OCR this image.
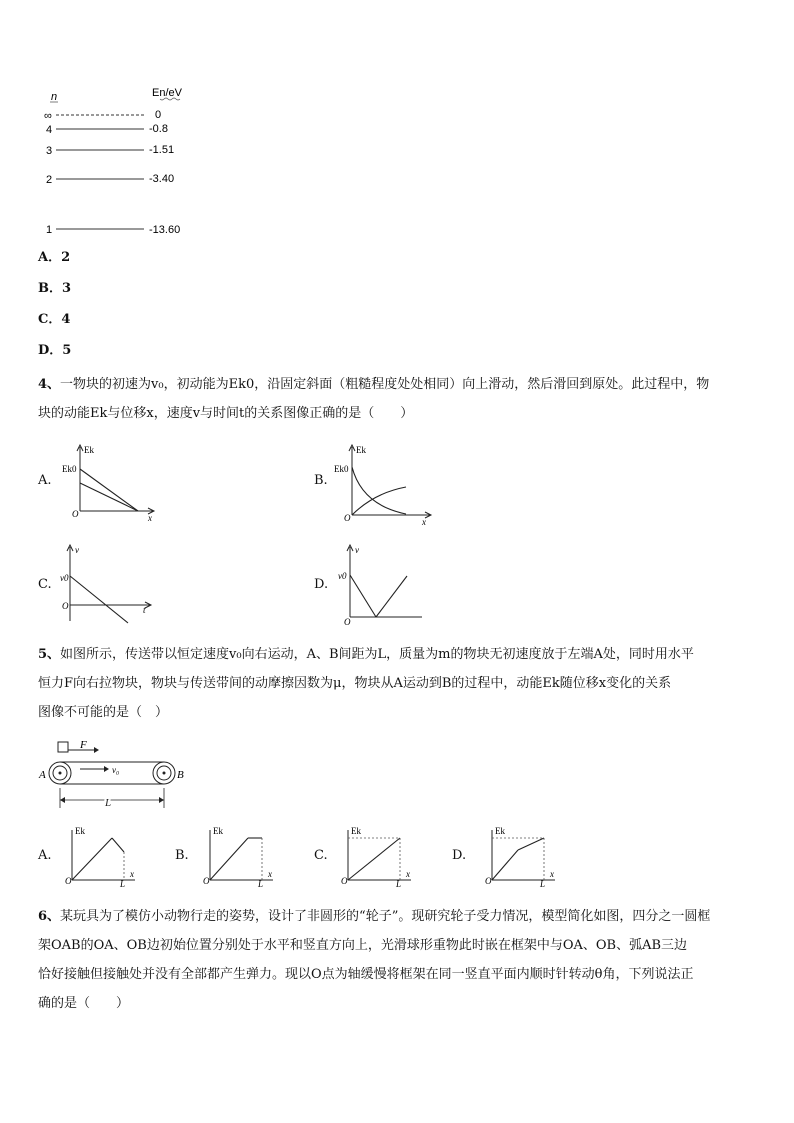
n	En/eV
∞
4
3
2
1
0
-0.8
-1.51
-3.40
-13.60
A．2
B．3
C．4
D．5

4、一物块的初速为v₀，初动能为Ek0，沿固定斜面（粗糙程度处处相同）向上滑动，然后滑回到原处。此过程中，物

块的动能Ek与位移x，速度v与时间t的关系图像正确的是（　　）

A.
Ek
Ek0
O	x
B.
Ek
Ek0
O	x
C.
v
v0
O	t
D.
v
v0
O

5、如图所示，传送带以恒定速度v₀向右运动，A、B间距为L，质量为m的物块无初速度放于左端A处，同时用水平

恒力F向右拉物块，物块与传送带间的动摩擦因数为μ，物块从A运动到B的过程中，动能Ek随位移x变化的关系

图像不可能的是（　）

F
v₀
A	B
L
A.
Ek
O
x
L
B.
Ek
O
x
L
C.
Ek
O
x
L
D.
Ek
O
x
L

6、某玩具为了模仿小动物行走的姿势，设计了非圆形的“轮子”。现研究轮子受力情况，模型简化如图，四分之一圆框

架OAB的OA、OB边初始位置分别处于水平和竖直方向上，光滑球形重物此时嵌在框架中与OA、OB、弧AB三边

恰好接触但接触处并没有全部都产生弹力。现以O点为轴缓慢将框架在同一竖直平面内顺时针转动θ角，下列说法正

确的是（　　）
